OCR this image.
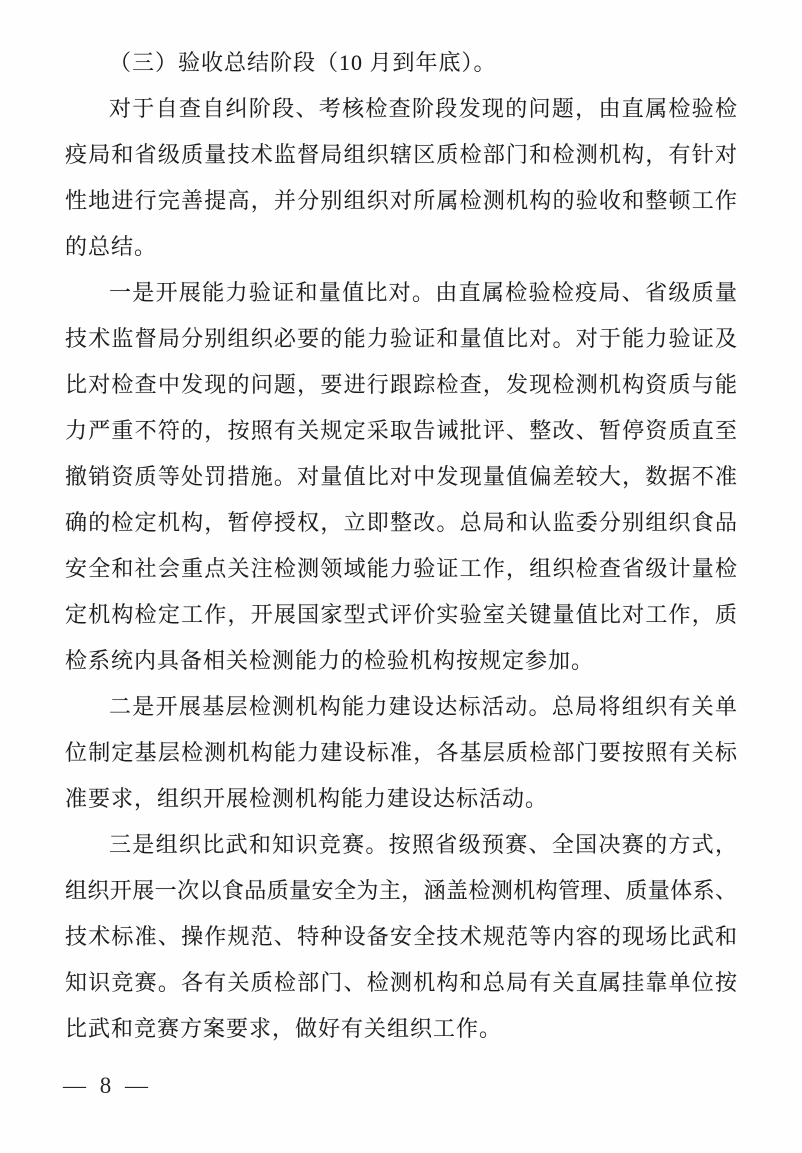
（三）验收总结阶段（10 月到年底）。
对于自查自纠阶段、考核检查阶段发现的问题，由直属检验检
疫局和省级质量技术监督局组织辖区质检部门和检测机构，有针对
性地进行完善提高，并分别组织对所属检测机构的验收和整顿工作
的总结。
一是开展能力验证和量值比对。由直属检验检疫局、省级质量
技术监督局分别组织必要的能力验证和量值比对。对于能力验证及
比对检查中发现的问题，要进行跟踪检查，发现检测机构资质与能
力严重不符的，按照有关规定采取告诫批评、整改、暂停资质直至
撤销资质等处罚措施。对量值比对中发现量值偏差较大，数据不准
确的检定机构，暂停授权，立即整改。总局和认监委分别组织食品
安全和社会重点关注检测领域能力验证工作，组织检查省级计量检
定机构检定工作，开展国家型式评价实验室关键量值比对工作，质
检系统内具备相关检测能力的检验机构按规定参加。
二是开展基层检测机构能力建设达标活动。总局将组织有关单
位制定基层检测机构能力建设标准，各基层质检部门要按照有关标
准要求，组织开展检测机构能力建设达标活动。
三是组织比武和知识竞赛。按照省级预赛、全国决赛的方式，
组织开展一次以食品质量安全为主，涵盖检测机构管理、质量体系、
技术标准、操作规范、特种设备安全技术规范等内容的现场比武和
知识竞赛。各有关质检部门、检测机构和总局有关直属挂靠单位按
比武和竞赛方案要求，做好有关组织工作。
— 8 —
